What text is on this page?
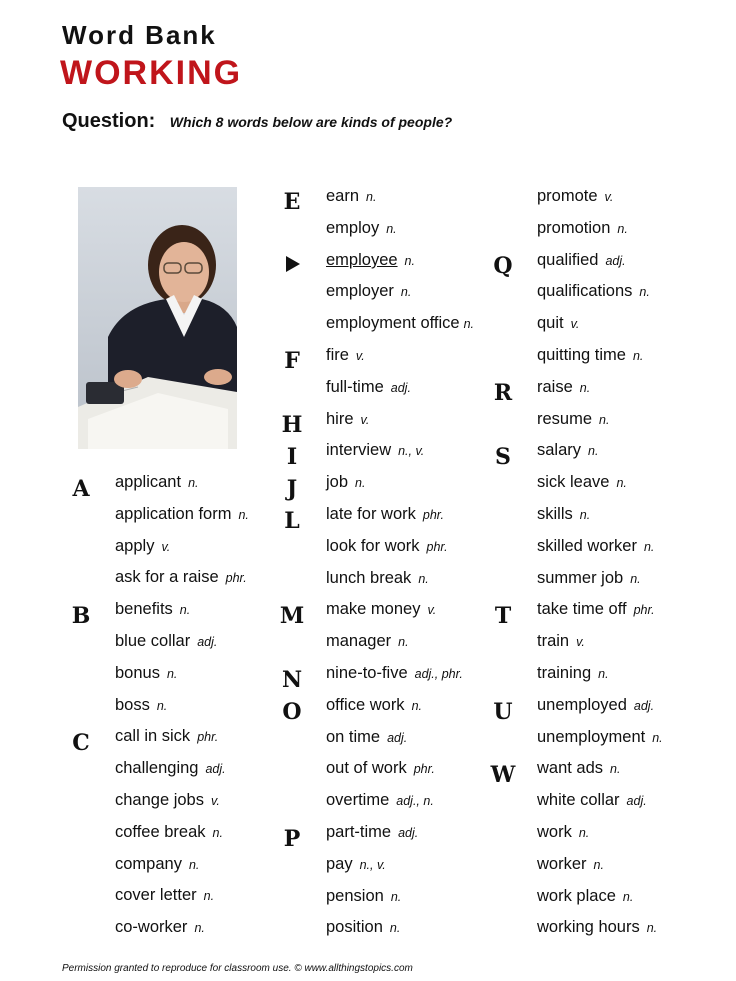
Word Bank
WORKING
Question: Which 8 words below are kinds of people?
A
B
C
applicant n.
application form n.
apply v.
ask for a raise phr.
benefits n.
blue collar adj.
bonus n.
boss n.
call in sick phr.
challenging adj.
change jobs v.
coffee break n.
company n.
cover letter n.
co-worker n.
E
F
H
I
J
L
M
N
O
P
earn n.
employ n.
employee n.
employer n.
employment office n.
fire v.
full-time adj.
hire v.
interview n., v.
job n.
late for work phr.
look for work phr.
lunch break n.
make money v.
manager n.
nine-to-five adj., phr.
office work n.
on time adj.
out of work phr.
overtime adj., n.
part-time adj.
pay n., v.
pension n.
position n.
Q
R
S
T
U
W
promote v.
promotion n.
qualified adj.
qualifications n.
quit v.
quitting time n.
raise n.
resume n.
salary n.
sick leave n.
skills n.
skilled worker n.
summer job n.
take time off phr.
train v.
training n.
unemployed adj.
unemployment n.
want ads n.
white collar adj.
work n.
worker n.
work place n.
working hours n.
Permission granted to reproduce for classroom use. © www.allthingstopics.com
